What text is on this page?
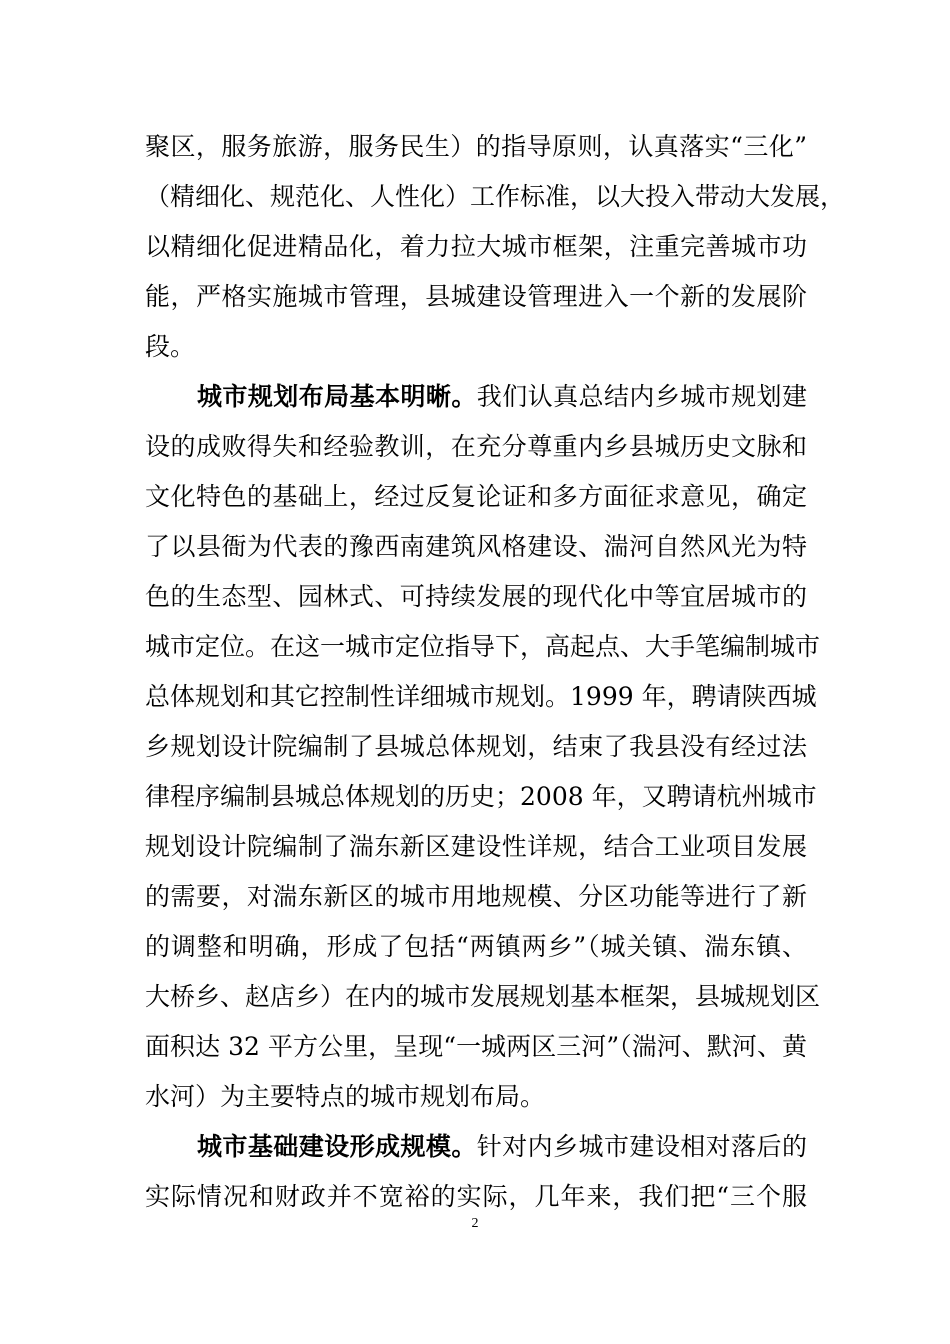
聚区，服务旅游，服务民生）的指导原则，认真落实“三化”
（精细化、规范化、人性化）工作标准，以大投入带动大发展，
以精细化促进精品化，着力拉大城市框架，注重完善城市功
能，严格实施城市管理，县城建设管理进入一个新的发展阶
段。
城市规划布局基本明晰。我们认真总结内乡城市规划建
设的成败得失和经验教训，在充分尊重内乡县城历史文脉和
文化特色的基础上，经过反复论证和多方面征求意见，确定
了以县衙为代表的豫西南建筑风格建设、湍河自然风光为特
色的生态型、园林式、可持续发展的现代化中等宜居城市的
城市定位。在这一城市定位指导下，高起点、大手笔编制城市
总体规划和其它控制性详细城市规划。1999 年，聘请陕西城
乡规划设计院编制了县城总体规划，结束了我县没有经过法
律程序编制县城总体规划的历史；2008 年，又聘请杭州城市
规划设计院编制了湍东新区建设性详规，结合工业项目发展
的需要，对湍东新区的城市用地规模、分区功能等进行了新
的调整和明确，形成了包括“两镇两乡”（城关镇、湍东镇、
大桥乡、赵店乡）在内的城市发展规划基本框架，县城规划区
面积达 32 平方公里，呈现“一城两区三河”（湍河、默河、黄
水河）为主要特点的城市规划布局。
城市基础建设形成规模。针对内乡城市建设相对落后的
实际情况和财政并不宽裕的实际，几年来，我们把“三个服
2
